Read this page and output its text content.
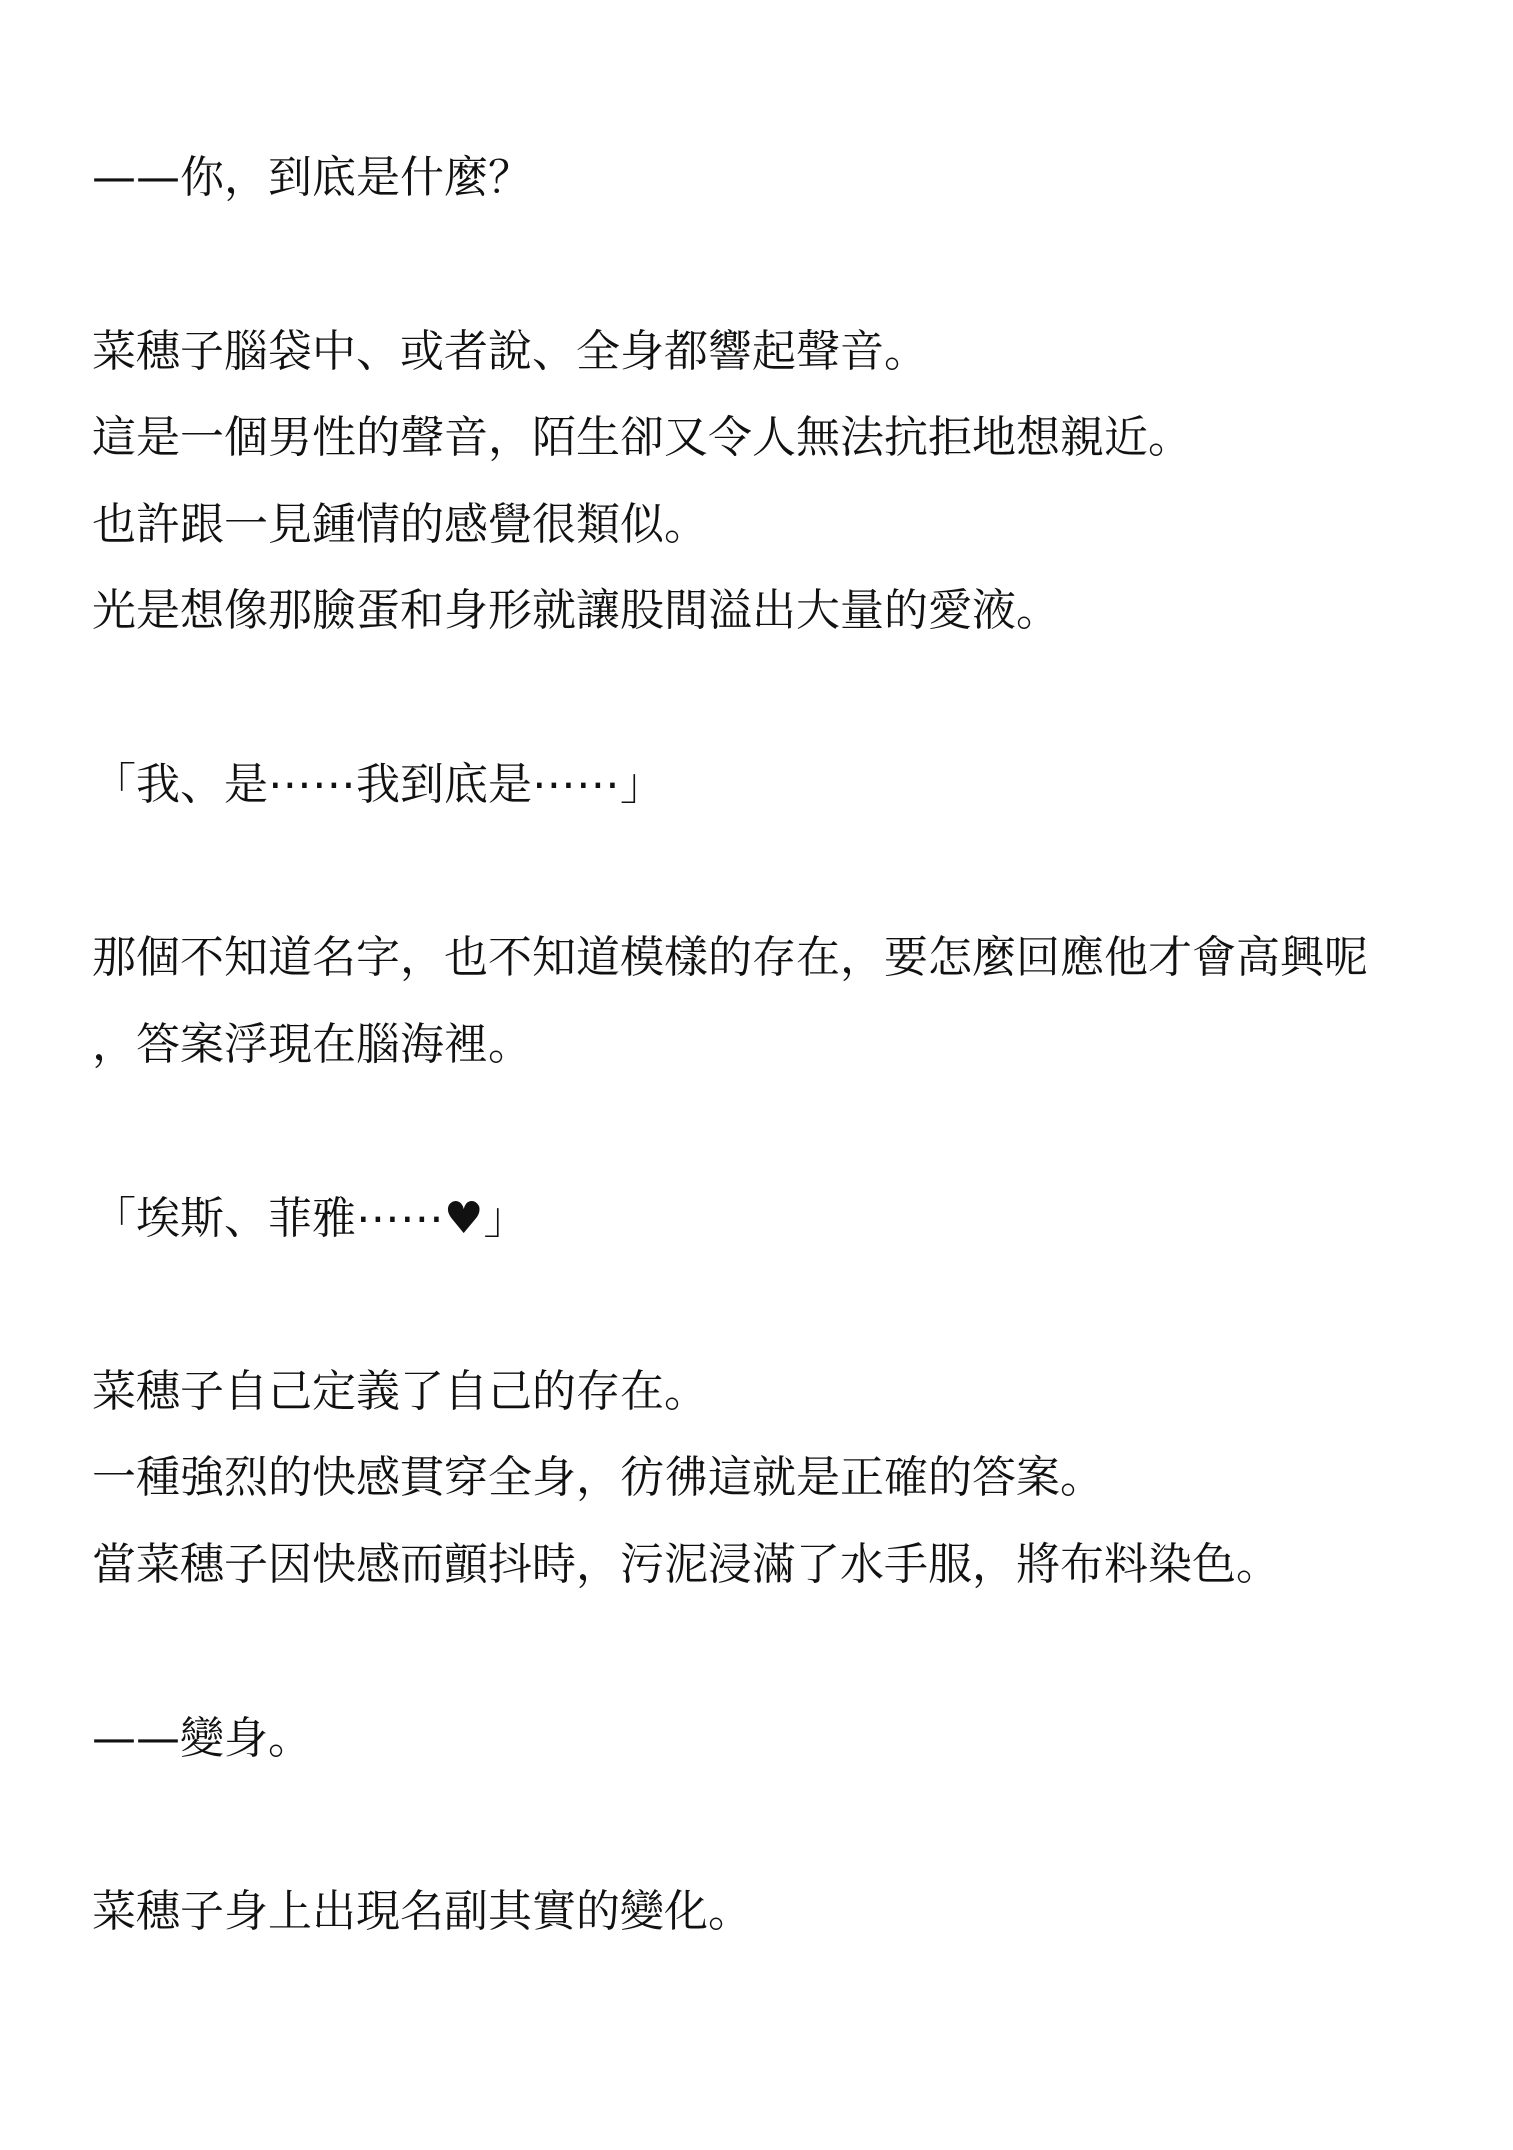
——你，到底是什麼？
菜穗子腦袋中、或者說、全身都響起聲音。
這是一個男性的聲音，陌生卻又令人無法抗拒地想親近。
也許跟一見鍾情的感覺很類似。
光是想像那臉蛋和身形就讓股間溢出大量的愛液。
「我、是⋯⋯我到底是⋯⋯」
那個不知道名字，也不知道模樣的存在，要怎麼回應他才會高興呢
，答案浮現在腦海裡。
「埃斯、菲雅⋯⋯♥」
菜穗子自己定義了自己的存在。
一種強烈的快感貫穿全身，彷彿這就是正確的答案。
當菜穗子因快感而顫抖時，污泥浸滿了水手服，將布料染色。
——變身。
菜穗子身上出現名副其實的變化。
